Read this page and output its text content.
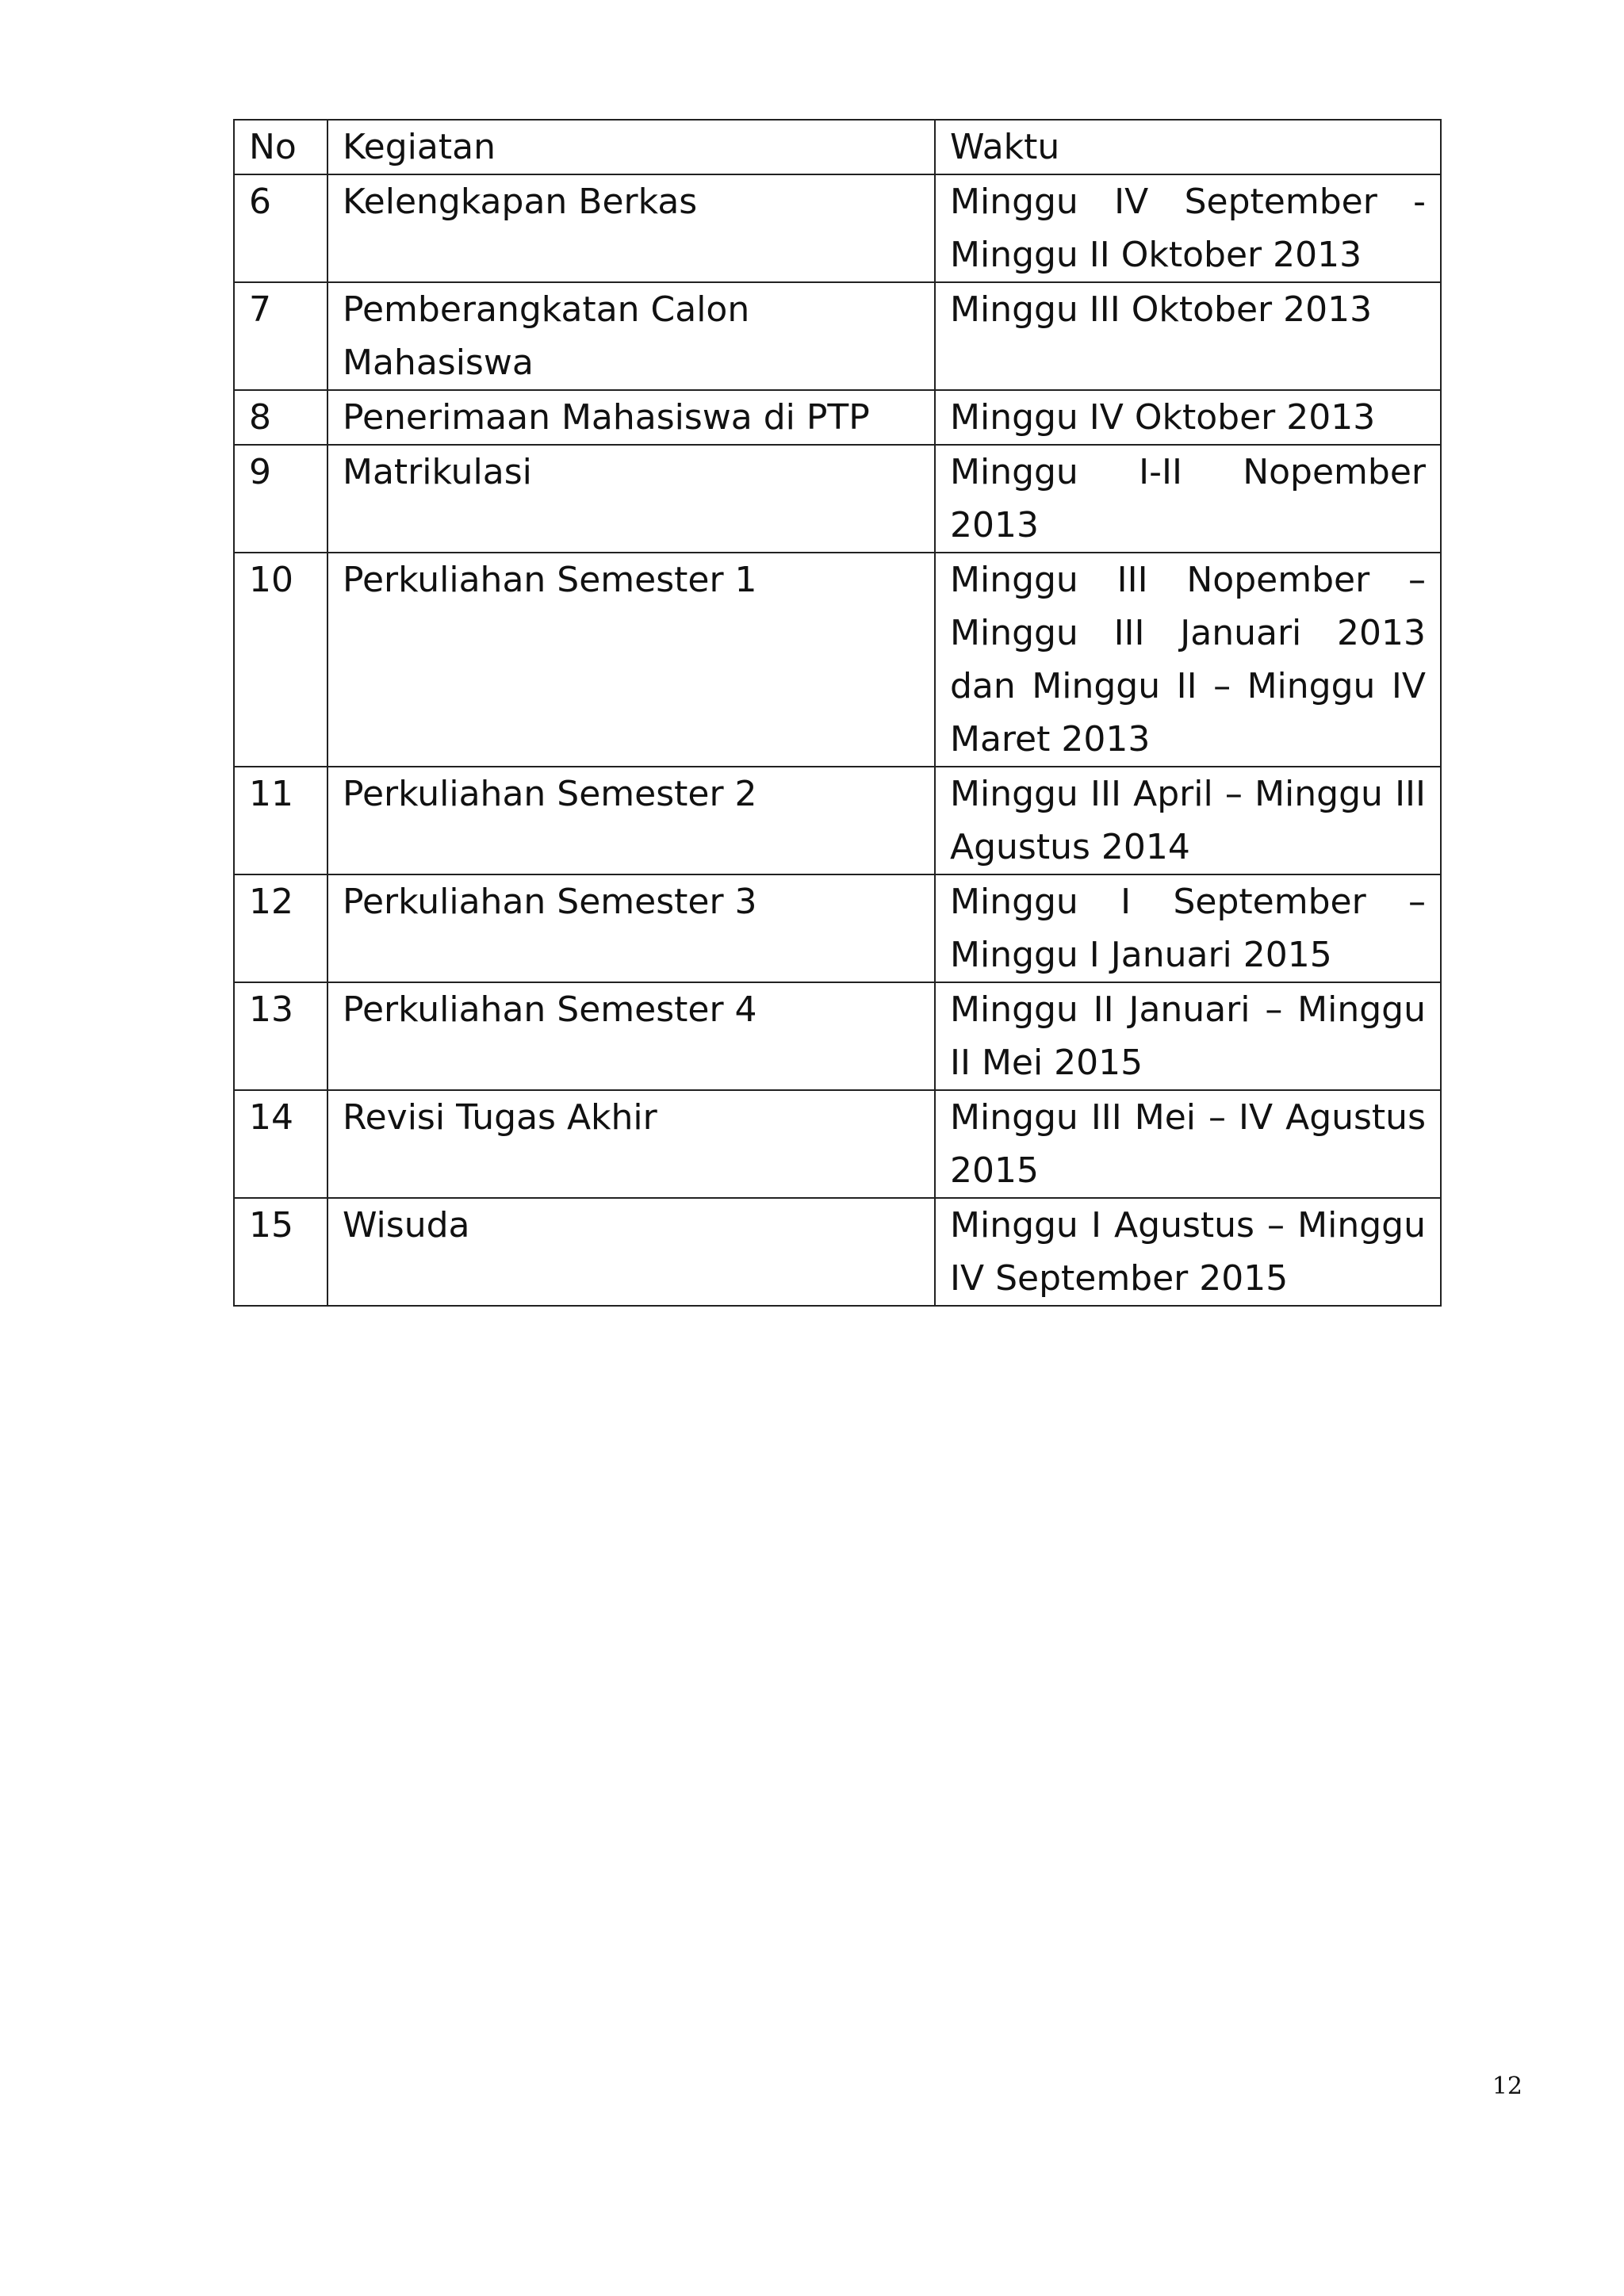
No	Kegiatan	Waktu
6	Kelengkapan Berkas	Minggu IV September - Minggu II Oktober 2013
7	Pemberangkatan Calon Mahasiswa	Minggu III Oktober 2013
8	Penerimaan Mahasiswa di PTP	Minggu IV Oktober 2013
9	Matrikulasi	Minggu I-II Nopember 2013
10	Perkuliahan Semester 1	Minggu III Nopember – Minggu III Januari 2013 dan Minggu II – Minggu IV Maret 2013
11	Perkuliahan Semester 2	Minggu III April – Minggu III Agustus 2014
12	Perkuliahan Semester 3	Minggu I September – Minggu I Januari 2015
13	Perkuliahan Semester 4	Minggu II Januari – Minggu II Mei 2015
14	Revisi Tugas Akhir	Minggu III Mei – IV Agustus 2015
15	Wisuda	Minggu I Agustus – Minggu IV September 2015
12
